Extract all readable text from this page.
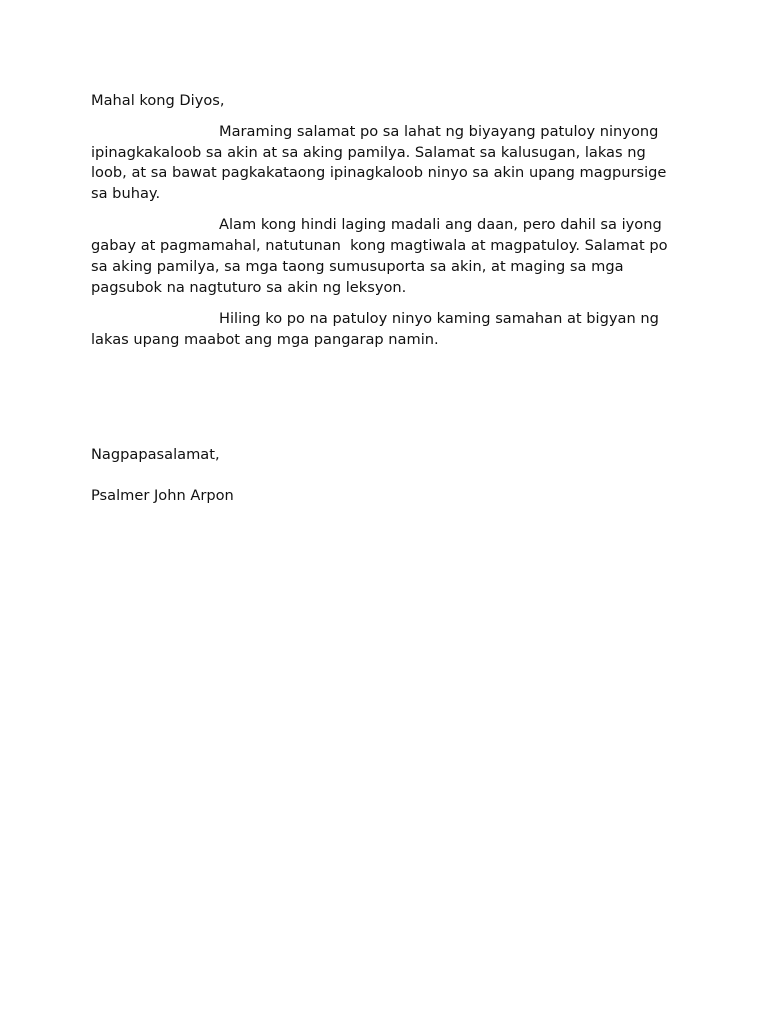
Mahal kong Diyos,

Maraming salamat po sa lahat ng biyayang patuloy ninyong ipinagkakaloob sa akin at sa aking pamilya. Salamat sa kalusugan, lakas ng loob, at sa bawat pagkakataong ipinagkaloob ninyo sa akin upang magpursige sa buhay.

Alam kong hindi laging madali ang daan, pero dahil sa iyong gabay at pagmamahal, natutunan  kong magtiwala at magpatuloy. Salamat po sa aking pamilya, sa mga taong sumusuporta sa akin, at maging sa mga pagsubok na nagtuturo sa akin ng leksyon.

Hiling ko po na patuloy ninyo kaming samahan at bigyan ng lakas upang maabot ang mga pangarap namin.

Nagpapasalamat,

Psalmer John Arpon
